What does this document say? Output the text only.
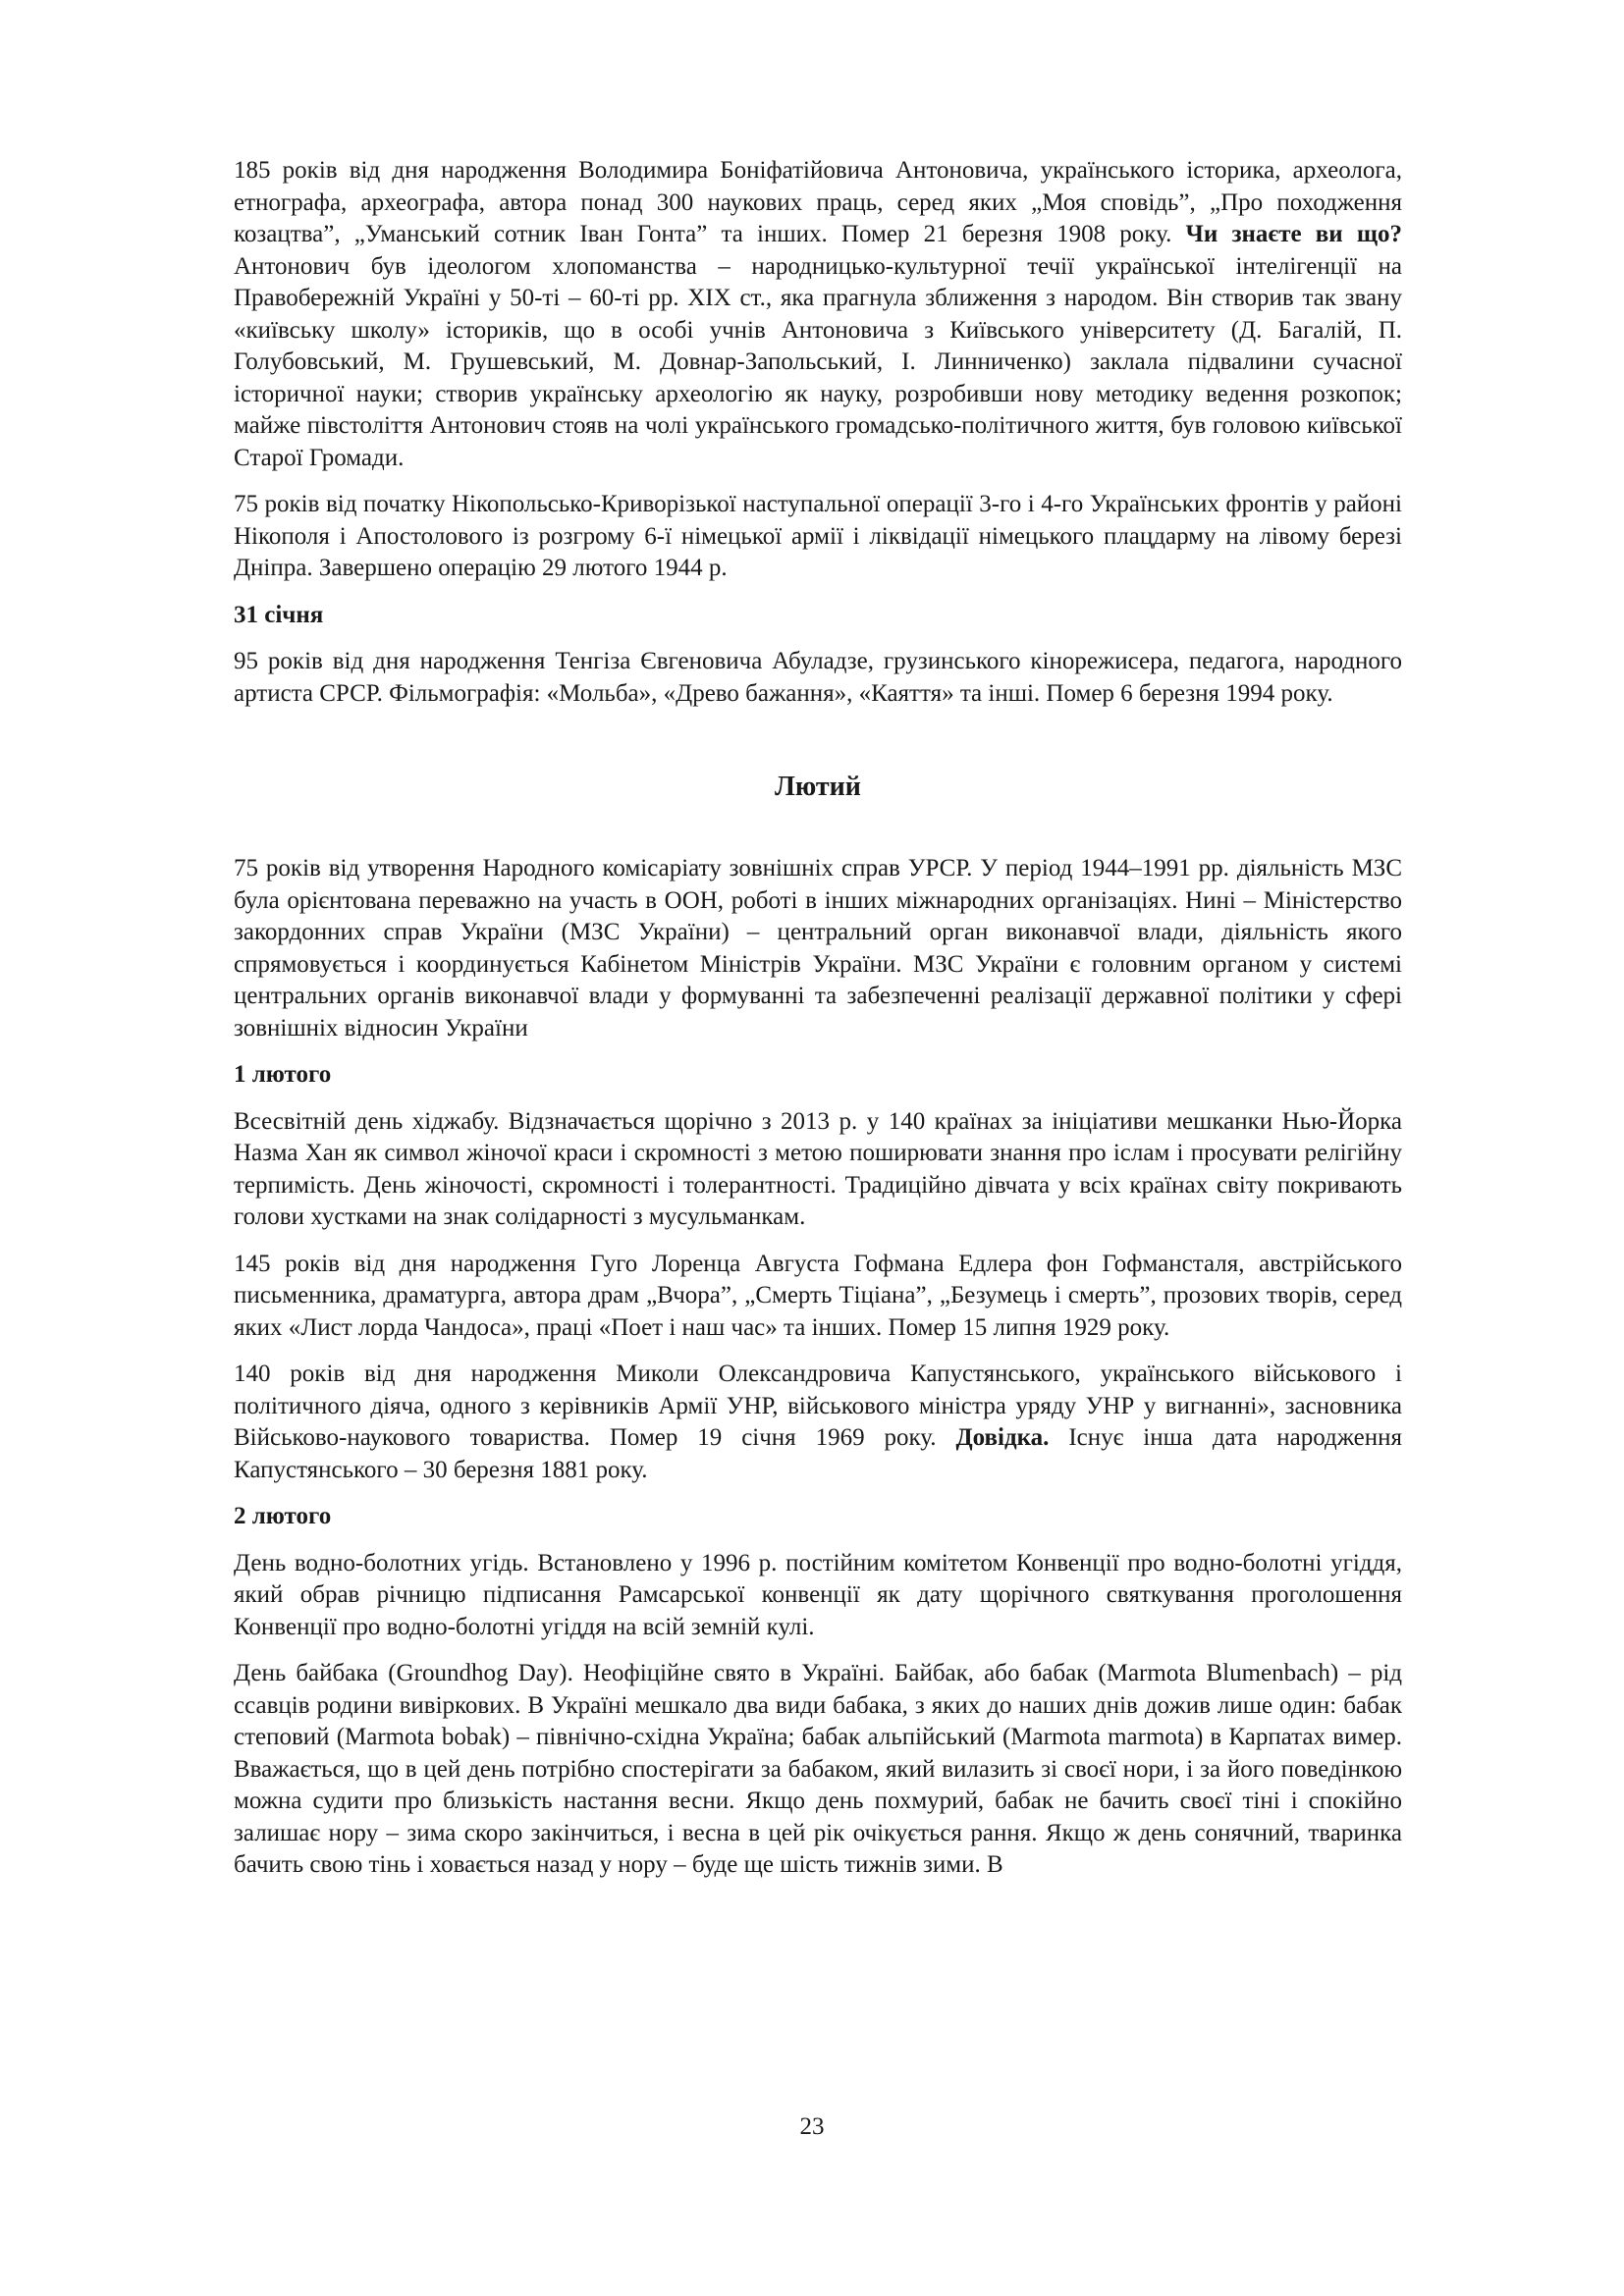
185 років від дня народження Володимира Боніфатійовича Антоновича, українського історика, археолога, етнографа, археографа, автора понад 300 наукових праць, серед яких „Моя сповідь”, „Про походження козацтва”, „Уманський сотник Іван Гонта” та інших. Помер 21 березня 1908 року. Чи знаєте ви що? Антонович був ідеологом хлопоманства – народницько-культурної течії української інтелігенції на Правобережній Україні у 50-ті – 60-ті рр. XIX ст., яка прагнула зближення з народом. Він створив так звану «київську школу» істориків, що в особі учнів Антоновича з Київського університету (Д. Багалій, П. Голубовський, М. Грушевський, М. Довнар-Запольський, І. Линниченко) заклала підвалини сучасної історичної науки; створив українську археологію як науку, розробивши нову методику ведення розкопок; майже півстоліття Антонович стояв на чолі українського громадсько-політичного життя, був головою київської Старої Громади.

75 років від початку Нікопольсько-Криворізької наступальної операції 3-го і 4-го Українських фронтів у районі Нікополя і Апостолового із розгрому 6-ї німецької армії і ліквідації німецького плацдарму на лівому березі Дніпра. Завершено операцію 29 лютого 1944 р.

31 січня

95 років від дня народження Тенгіза Євгеновича Абуладзе, грузинського кінорежисера, педагога, народного артиста СРСР. Фільмографія: «Мольба», «Древо бажання», «Каяття» та інші. Помер 6 березня 1994 року.

Лютий

75 років від утворення Народного комісаріату зовнішніх справ УРСР. У період 1944–1991 рр. діяльність МЗС була орієнтована переважно на участь в ООН, роботі в інших міжнародних організаціях. Нині – Міністерство закордонних справ України (МЗС України) – центральний орган виконавчої влади, діяльність якого спрямовується і координується Кабінетом Міністрів України. МЗС України є головним органом у системі центральних органів виконавчої влади у формуванні та забезпеченні реалізації державної політики у сфері зовнішніх відносин України

1 лютого

Всесвітній день хіджабу. Відзначається щорічно з 2013 р. у 140 країнах за ініціативи мешканки Нью-Йорка Назма Хан як символ жіночої краси і скромності з метою поширювати знання про іслам і просувати релігійну терпимість. День жіночості, скромності і толерантності. Традиційно дівчата у всіх країнах світу покривають голови хустками на знак солідарності з мусульманкам.

145 років від дня народження Гуго Лоренца Августа Гофмана Едлера фон Гофмансталя, австрійського письменника, драматурга, автора драм „Вчора”, „Смерть Тіціана”, „Безумець і смерть”, прозових творів, серед яких «Лист лорда Чандоса», праці «Поет і наш час» та інших. Помер 15 липня 1929 року.

140 років від дня народження Миколи Олександровича Капустянського, українського військового і політичного діяча, одного з керівників Армії УНР, військового міністра уряду УНР у вигнанні», засновника Військово-наукового товариства. Помер 19 січня 1969 року. Довідка. Існує інша дата народження Капустянського – 30 березня 1881 року.

2 лютого

День водно-болотних угідь. Встановлено у 1996 р. постійним комітетом Конвенції про водно-болотні угіддя, який обрав річницю підписання Рамсарської конвенції як дату щорічного святкування проголошення Конвенції про водно-болотні угіддя на всій земній кулі.

День байбака (Groundhog Day). Неофіційне свято в Україні. Байбак, або бабак (Marmota Blumenbach) – рід ссавців родини вивіркових. В Україні мешкало два види бабака, з яких до наших днів дожив лише один: бабак степовий (Marmota bobak) – північно-східна Україна; бабак альпійський (Marmota marmota) в Карпатах вимер. Вважається, що в цей день потрібно спостерігати за бабаком, який вилазить зі своєї нори, і за його поведінкою можна судити про близькість настання весни. Якщо день похмурий, бабак не бачить своєї тіні і спокійно залишає нору – зима скоро закінчиться, і весна в цей рік очікується рання. Якщо ж день сонячний, тваринка бачить свою тінь і ховається назад у нору – буде ще шість тижнів зими. В

23
